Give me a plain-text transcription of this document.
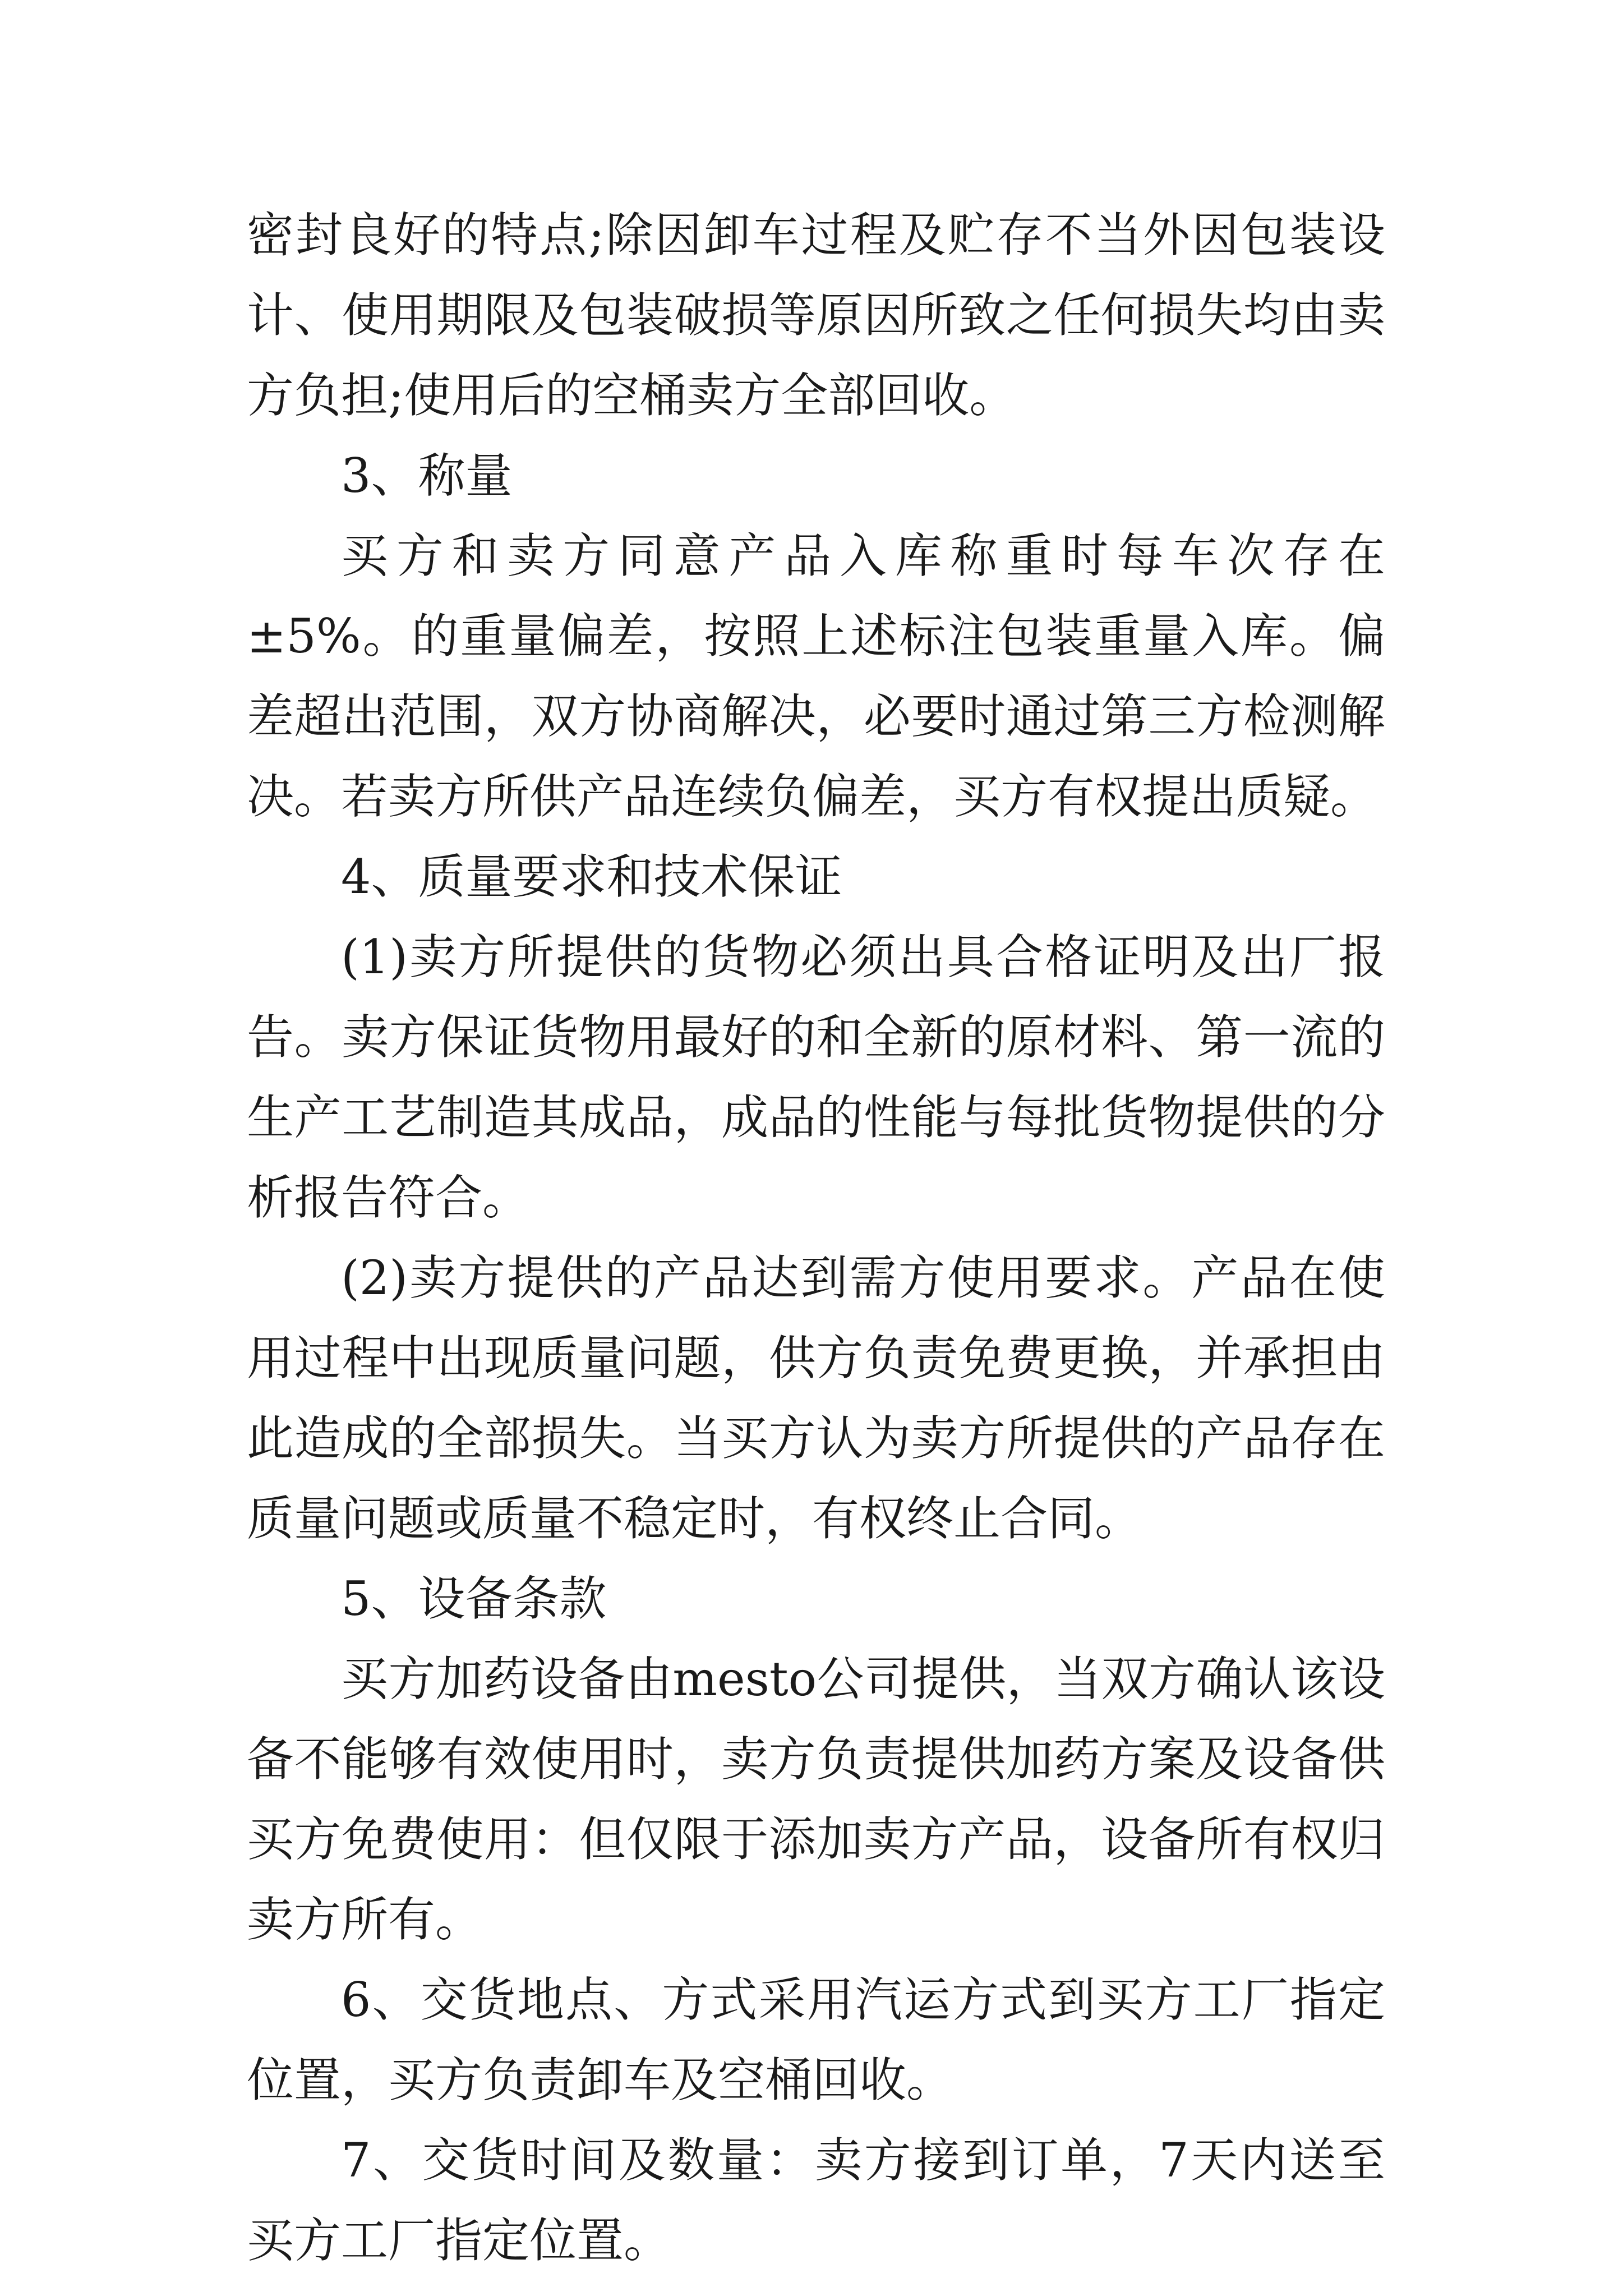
密封良好的特点;除因卸车过程及贮存不当外因包装设计、使用期限及包装破损等原因所致之任何损失均由卖方负担;使用后的空桶卖方全部回收。

3、称量

买方和卖方同意产品入库称重时每车次存在±5%。的重量偏差，按照上述标注包装重量入库。偏差超出范围，双方协商解决，必要时通过第三方检测解决。若卖方所供产品连续负偏差，买方有权提出质疑。

4、质量要求和技术保证

(1)卖方所提供的货物必须出具合格证明及出厂报告。卖方保证货物用最好的和全新的原材料、第一流的生产工艺制造其成品，成品的性能与每批货物提供的分析报告符合。

(2)卖方提供的产品达到需方使用要求。产品在使用过程中出现质量问题，供方负责免费更换，并承担由此造成的全部损失。当买方认为卖方所提供的产品存在质量问题或质量不稳定时，有权终止合同。

5、设备条款

买方加药设备由mesto公司提供，当双方确认该设备不能够有效使用时，卖方负责提供加药方案及设备供买方免费使用：但仅限于添加卖方产品，设备所有权归卖方所有。

6、交货地点、方式采用汽运方式到买方工厂指定位置，买方负责卸车及空桶回收。

7、交货时间及数量：卖方接到订单，7天内送至买方工厂指定位置。
